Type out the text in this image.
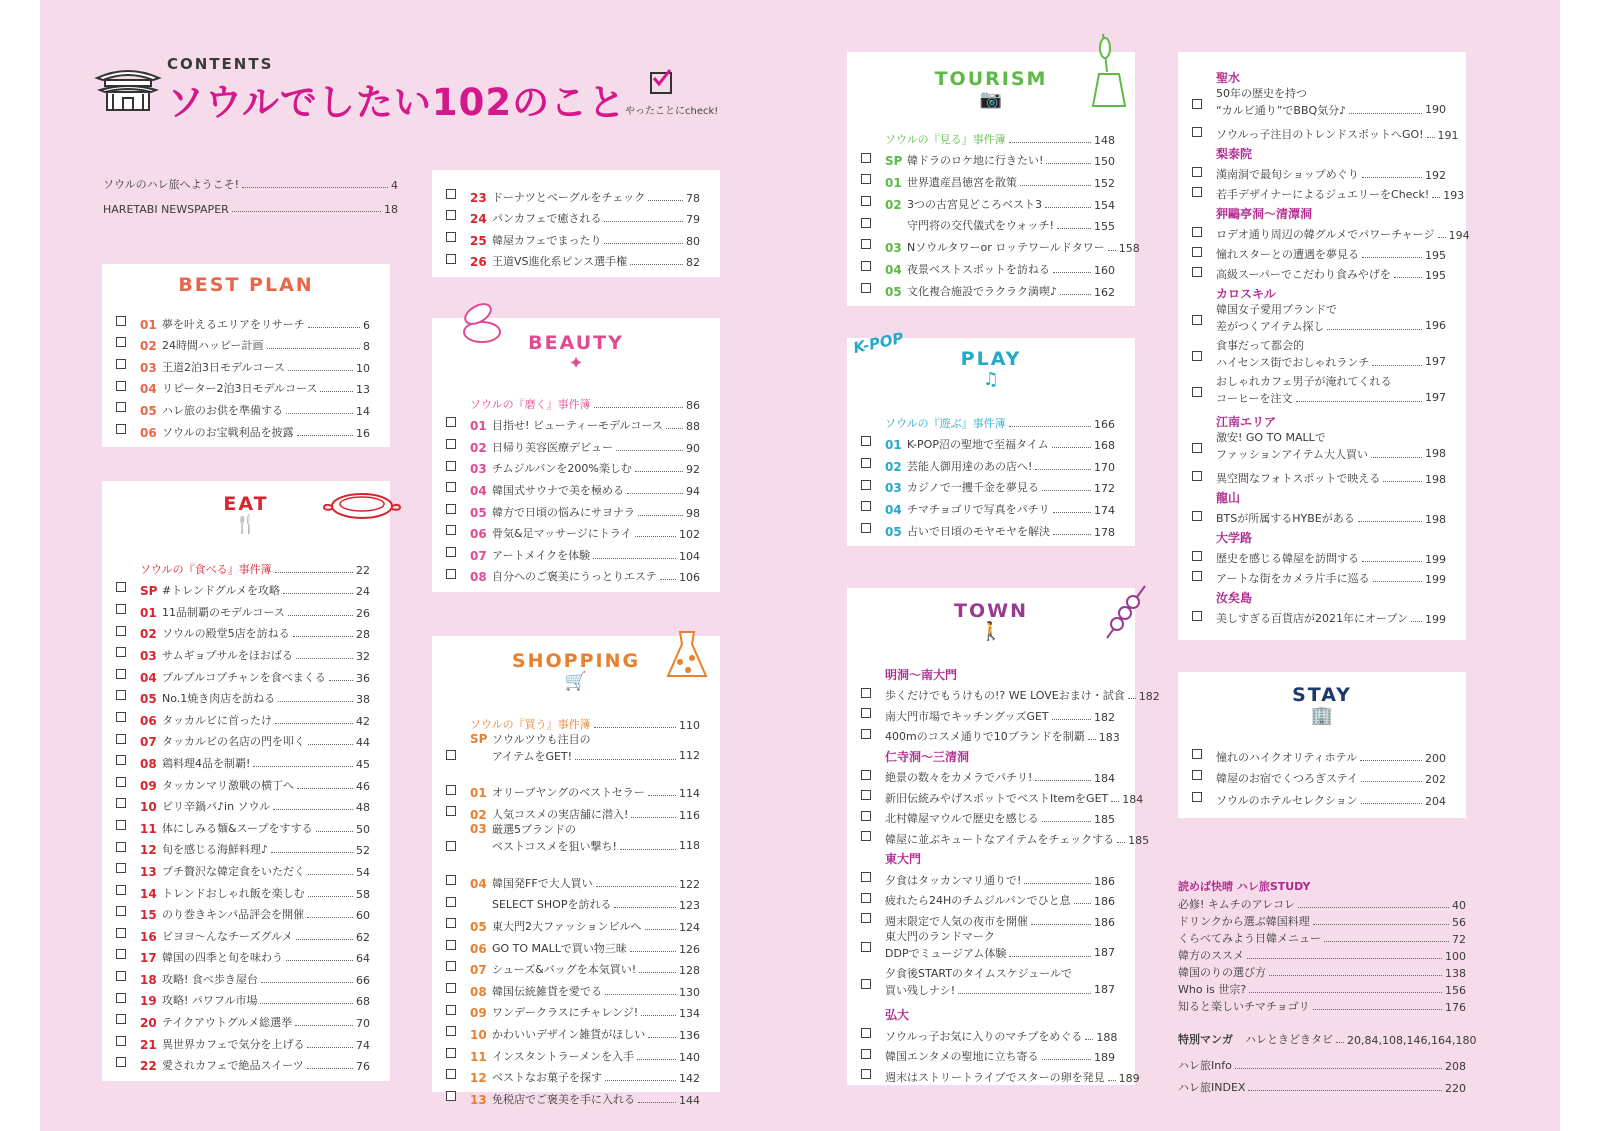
CONTENTS
ソウルでしたい102のこと
やったことにcheck!
ソウルのハレ旅へようこそ!	4
HARETABI NEWSPAPER	18
BEST PLAN
01 夢を叶えるエリアをリサーチ	6
02 24時間ハッピー計画	8
03 王道2泊3日モデルコース	10
04 リピーター2泊3日モデルコース	13
05 ハレ旅のお供を準備する	14
06 ソウルのお宝戦利品を披露	16
EAT
🍴
ソウルの『食べる』事件簿	22
SP #トレンドグルメを攻略	24
01 11品制覇のモデルコース	26
02 ソウルの殿堂5店を訪ねる	28
03 サムギョプサルをほおばる	32
04 プルプルコプチャンを食べまくる	36
05 No.1焼き肉店を訪ねる	38
06 タッカルビに首ったけ	42
07 タッカルビの名店の門を叩く	44
08 鶏料理4品を制覇!	45
09 タッカンマリ激戦の横丁へ	46
10 ピリ辛鍋パ♪in ソウル	48
11 体にしみる麺&スープをすする	50
12 旬を感じる海鮮料理♪	52
13 プチ贅沢な韓定食をいただく	54
14 トレンドおしゃれ飯を楽しむ	58
15 のり巻きキンパ品評会を開催	60
16 ビヨヨ〜んなチーズグルメ	62
17 韓国の四季と旬を味わう	64
18 攻略! 食べ歩き屋台	66
19 攻略! パワフル市場	68
20 テイクアウトグルメ総選挙	70
21 異世界カフェで気分を上げる	74
22 愛されカフェで絶品スイーツ	76
23 ドーナツとベーグルをチェック	78
24 パンカフェで癒される	79
25 韓屋カフェでまったり	80
26 王道VS進化系ピンス選手権	82
BEAUTY
✦
ソウルの『磨く』事件簿	86
01 目指せ! ビューティーモデルコース 88
02 日帰り美容医療デビュー	90
03 チムジルバンを200%楽しむ	92
04 韓国式サウナで美を極める	94
05 韓方で日頃の悩みにサヨナラ	98
06 骨気&足マッサージにトライ	102
07 アートメイクを体験	104
08 自分へのご褒美にうっとりエステ 106
SHOPPING
🛒
ソウルの『買う』事件簿	110
SP ソウルツウも注目の
アイテムをGET!	112
01 オリーブヤングのベストセラー	114
02 人気コスメの実店舗に潜入!	116
03 厳選5ブランドの
ベストコスメを狙い撃ち!	118
04 韓国発FFで大人買い	122
SELECT SHOPを訪れる	123
05 東大門2大ファッションビルへ	124
06 GO TO MALLで買い物三昧	126
07 シューズ&バッグを本気買い!	128
08 韓国伝統雑貨を愛でる	130
09 ワンデークラスにチャレンジ!	134
10 かわいいデザイン雑貨がほしい	136
11 インスタントラーメンを入手	140
12 ベストなお菓子を探す	142
13 免税店でご褒美を手に入れる	144
TOURISM
📷
ソウルの『見る』事件簿	148
SP 韓ドラのロケ地に行きたい!	150
01 世界遺産昌徳宮を散策	152
02 3つの古宮見どころベスト3	154
守門将の交代儀式をウォッチ!	155
03 Nソウルタワーor ロッテワールドタワー 158
04 夜景ベストスポットを訪ねる	160
05 文化複合施設でラクラク満喫♪	162
PLAY
♫
K-POP
ソウルの『遊ぶ』事件簿	166
01 K-POP沼の聖地で至福タイム	168
02 芸能人御用達のあの店へ!	170
03 カジノで一攫千金を夢見る	172
04 チマチョゴリで写真をパチリ	174
05 占いで日頃のモヤモヤを解決	178
TOWN
🚶
明洞〜南大門
歩くだけでもうけもの!? WE LOVEおまけ・試食 182
南大門市場でキッチングッズGET	182
400mのコスメ通りで10ブランドを制覇 183
仁寺洞〜三清洞
絶景の数々をカメラでパチリ!	184
新旧伝統みやげスポットでベストItemをGET 184
北村韓屋マウルで歴史を感じる	185
韓屋に並ぶキュートなアイテムをチェックする 185
東大門
夕食はタッカンマリ通りで!	186
疲れたら24Hのチムジルバンでひと息 186
週末限定で人気の夜市を開催	186
東大門のランドマーク
DDPでミュージアム体験	187
夕食後STARTのタイムスケジュールで
買い残しナシ!	187
弘大
ソウルっ子お気に入りのマチプをめぐる 188
韓国エンタメの聖地に立ち寄る	189
週末はストリートライブでスターの卵を発見 189
聖水
50年の歴史を持つ
“カルビ通り”でBBQ気分♪	190
ソウルっ子注目のトレンドスポットへGO! 191
梨泰院
漢南洞で最旬ショップめぐり	192
若手デザイナーによるジュエリーをCheck! 193
狎鷗亭洞〜清潭洞
ロデオ通り周辺の韓グルメでパワーチャージ 194
憧れスターとの遭遇を夢見る	195
高級スーパーでこだわり食みやげを	195
カロスキル
韓国女子愛用ブランドで
差がつくアイテム探し	196
食事だって都会的
ハイセンス街でおしゃれランチ	197
おしゃれカフェ男子が淹れてくれる
コーヒーを注文	197
江南エリア
激安! GO TO MALLで
ファッションアイテム大人買い	198
異空間なフォトスポットで映える	198
龍山
BTSが所属するHYBEがある	198
大学路
歴史を感じる韓屋を訪問する	199
アートな街をカメラ片手に巡る	199
汝矣島
美しすぎる百貨店が2021年にオープン 199
STAY
🏢
憧れのハイクオリティホテル	200
韓屋のお宿でくつろぎステイ	202
ソウルのホテルセレクション	204
読めば快晴 ハレ旅STUDY
必修! キムチのアレコレ	40
ドリンクから選ぶ韓国料理	56
くらべてみよう日韓メニュー	72
韓方のススメ	100
韓国のりの選び方	138
Who is 世宗?	156
知ると楽しいチマチョゴリ	176
特別マンガ ハレときどきタビ 20,84,108,146,164,180
ハレ旅Info	208
ハレ旅INDEX	220
